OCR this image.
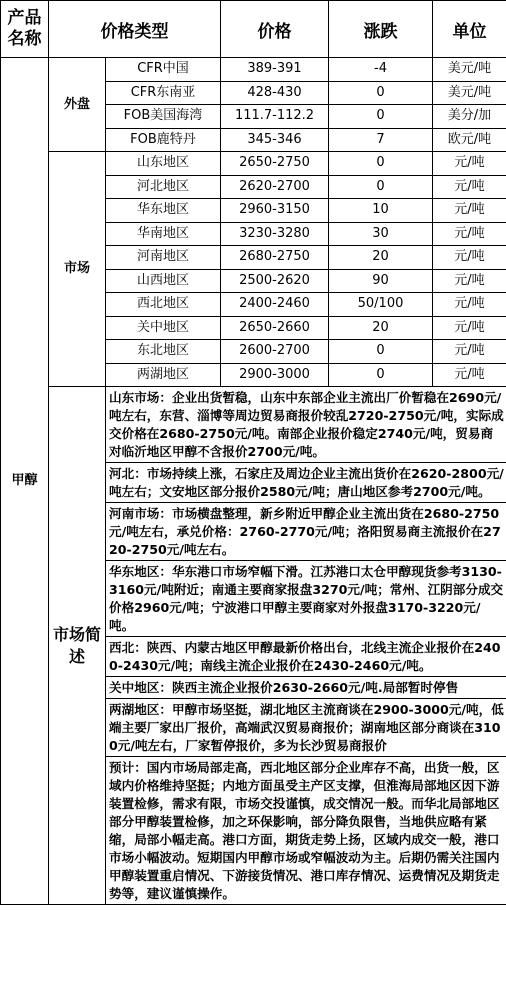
产品名称	价格类型		价格	涨跌	单位
甲醇	外盘	CFR中国	389-391	-4	美元/吨
		CFR东南亚	428-430	0	美元/吨
		FOB美国海湾	111.7-112.2	0	美分/加
		FOB鹿特丹	345-346	7	欧元/吨
	市场	山东地区	2650-2750	0	元/吨
		河北地区	2620-2700	0	元/吨
		华东地区	2960-3150	10	元/吨
		华南地区	3230-3280	30	元/吨
		河南地区	2680-2750	20	元/吨
		山西地区	2500-2620	90	元/吨
		西北地区	2400-2460	50/100	元/吨
		关中地区	2650-2660	20	元/吨
		东北地区	2600-2700	0	元/吨
		两湖地区	2900-3000	0	元/吨
	市场简述	山东市场：企业出货暂稳，山东中东部企业主流出厂价暂稳在2690元/吨左右，东营、淄博等周边贸易商报价较乱2720-2750元/吨，实际成交价格在2680-2750元/吨。南部企业报价稳定2740元/吨，贸易商对临沂地区甲醇不含报价2700元/吨。			
		河北：市场持续上涨，石家庄及周边企业主流出货价在2620-2800元/吨左右；文安地区部分报价2580元/吨；唐山地区参考2700元/吨。			
		河南市场：市场横盘整理，新乡附近甲醇企业主流出货在2680-2750元/吨左右，承兑价格：2760-2770元/吨；洛阳贸易商主流报价在2720-2750元/吨左右。			
		华东地区：华东港口市场窄幅下滑。江苏港口太仓甲醇现货参考3130-3160元/吨附近；南通主要商家报盘3270元/吨；常州、江阴部分成交价格2960元/吨；宁波港口甲醇主要商家对外报盘3170-3220元/吨。			
		西北：陕西、内蒙古地区甲醇最新价格出台，北线主流企业报价在2400-2430元/吨；南线主流企业报价在2430-2460元/吨。			
		关中地区：陕西主流企业报价2630-2660元/吨.局部暂时停售			
		两湖地区：甲醇市场坚挺，湖北地区主流商谈在2900-3000元/吨，低端主要厂家出厂报价，高端武汉贸易商报价；湖南地区部分商谈在3100元/吨左右，厂家暂停报价，多为长沙贸易商报价			
		预计：国内市场局部走高，西北地区部分企业库存不高，出货一般，区域内价格维持坚挺；内地方面虽受主产区支撑，但淮海局部地区因下游装置检修，需求有限，市场交投谨慎，成交情况一般。而华北局部地区部分甲醇装置检修，加之环保影响，部分降负限售，当地供应略有紧缩，局部小幅走高。港口方面，期货走势上扬，区域内成交一般，港口市场小幅波动。短期国内甲醇市场或窄幅波动为主。后期仍需关注国内甲醇装置重启情况、下游接货情况、港口库存情况、运费情况及期货走势等，建议谨慎操作。			
